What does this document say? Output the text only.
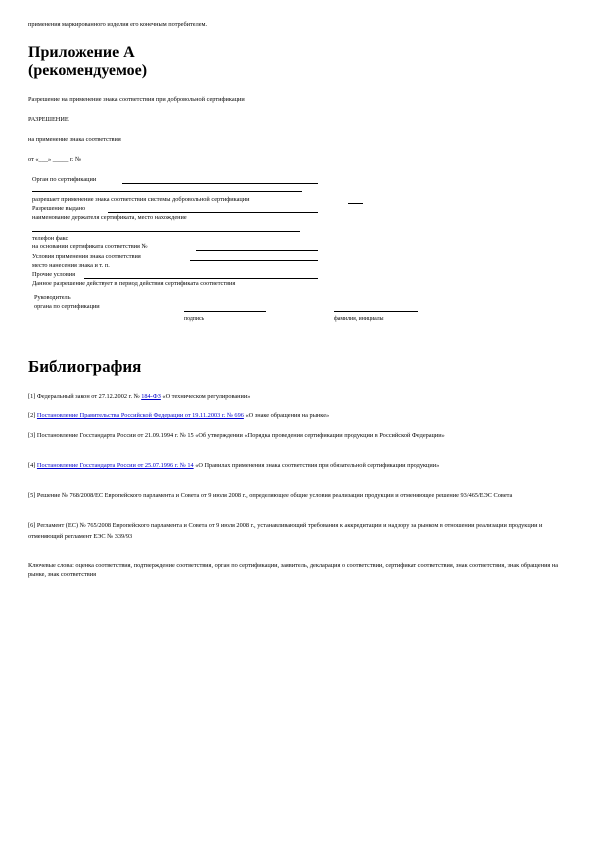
применения маркированного изделия его конечным потребителем.
Приложение А
(рекомендуемое)
Разрешение на применение знака соответствия при добровольной сертификации
РАЗРЕШЕНИЕ
на применение знака соответствия
от «___» _____ г. №
Орган по сертификации
разрешает применение знака соответствия системы добровольной сертификации
Разрешение выдано
наименование держателя сертификата, место нахождение
телефон факс
на основании сертификата соответствия №
Условия применения знака соответствия
место нанесения знака и т. п.
Прочие условия
Данное разрешение действует в период действия сертификата соответствия
Руководитель
органа по сертификации
подпись	фамилия, инициалы
Библиография
[1] Федеральный закон от 27.12.2002 г. № 184-ФЗ «О техническом регулировании»
[2] Постановление Правительства Российской Федерации от 19.11.2003 г. № 696 «О знаке обращения на рынке»
[3] Постановление Госстандарта России от 21.09.1994 г. № 15 «Об утверждении «Порядка проведения сертификации продукции в Российской Федерации»
[4] Постановление Госстандарта России от 25.07.1996 г. № 14 «О Правилах применения знака соответствия при обязательной сертификации продукции»
[5] Решение № 768/2008/ЕС Европейского парламента и Совета от 9 июля 2008 г., определяющее общие условия реализации продукции и отменяющее решение 93/465/ЕЭС Совета
[6] Регламент (ЕС) № 765/2008 Европейского парламента и Совета от 9 июля 2008 г., устанавливающий требования к аккредитации и надзору за рынком в отношении реализации продукции и отменяющий регламент ЕЭС № 339/93
Ключевые слова: оценка соответствия, подтверждение соответствия, орган по сертификации, заявитель, декларация о соответствии, сертификат соответствия, знак соответствия, знак обращения на рынке, знак соответствия
